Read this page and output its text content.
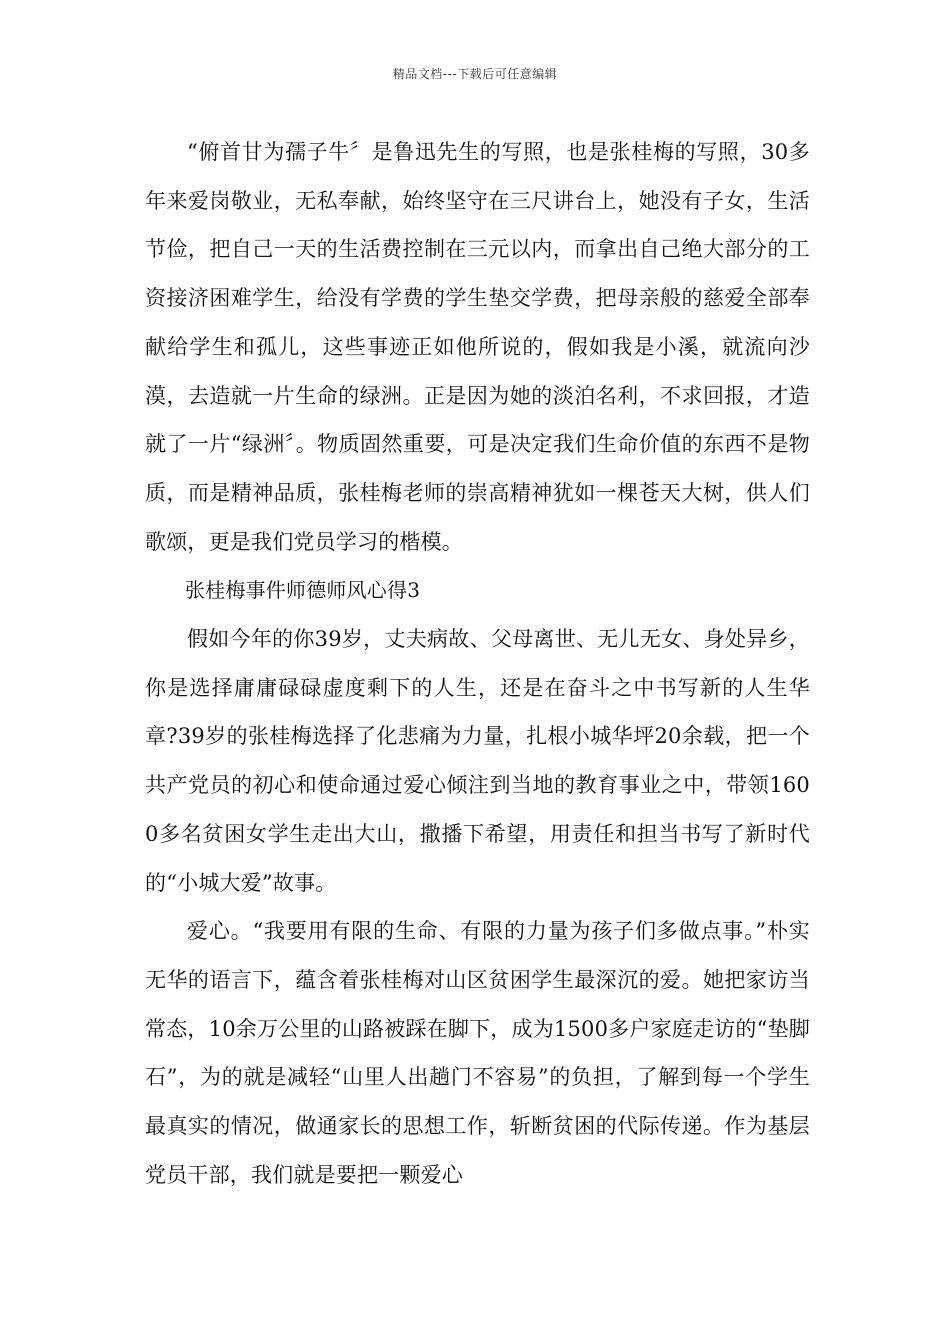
精品文档---下载后可任意编辑

“俯首甘为孺子牛〞是鲁迅先生的写照，也是张桂梅的写照，30多年来爱岗敬业，无私奉献，始终坚守在三尺讲台上，她没有子女，生活节俭，把自己一天的生活费控制在三元以内，而拿出自己绝大部分的工资接济困难学生，给没有学费的学生垫交学费，把母亲般的慈爱全部奉献给学生和孤儿，这些事迹正如他所说的，假如我是小溪，就流向沙漠，去造就一片生命的绿洲。正是因为她的淡泊名利，不求回报，才造就了一片“绿洲〞。物质固然重要，可是决定我们生命价值的东西不是物质，而是精神品质，张桂梅老师的崇高精神犹如一棵苍天大树，供人们歌颂，更是我们党员学习的楷模。

张桂梅事件师德师风心得3

假如今年的你39岁，丈夫病故、父母离世、无儿无女、身处异乡，你是选择庸庸碌碌虚度剩下的人生，还是在奋斗之中书写新的人生华章?39岁的张桂梅选择了化悲痛为力量，扎根小城华坪20余载，把一个共产党员的初心和使命通过爱心倾注到当地的教育事业之中，带领1600多名贫困女学生走出大山，撒播下希望，用责任和担当书写了新时代的“小城大爱”故事。

爱心。“我要用有限的生命、有限的力量为孩子们多做点事。”朴实无华的语言下，蕴含着张桂梅对山区贫困学生最深沉的爱。她把家访当常态，10余万公里的山路被踩在脚下，成为1500多户家庭走访的“垫脚石”，为的就是减轻“山里人出趟门不容易”的负担，了解到每一个学生最真实的情况，做通家长的思想工作，斩断贫困的代际传递。作为基层党员干部，我们就是要把一颗爱心
